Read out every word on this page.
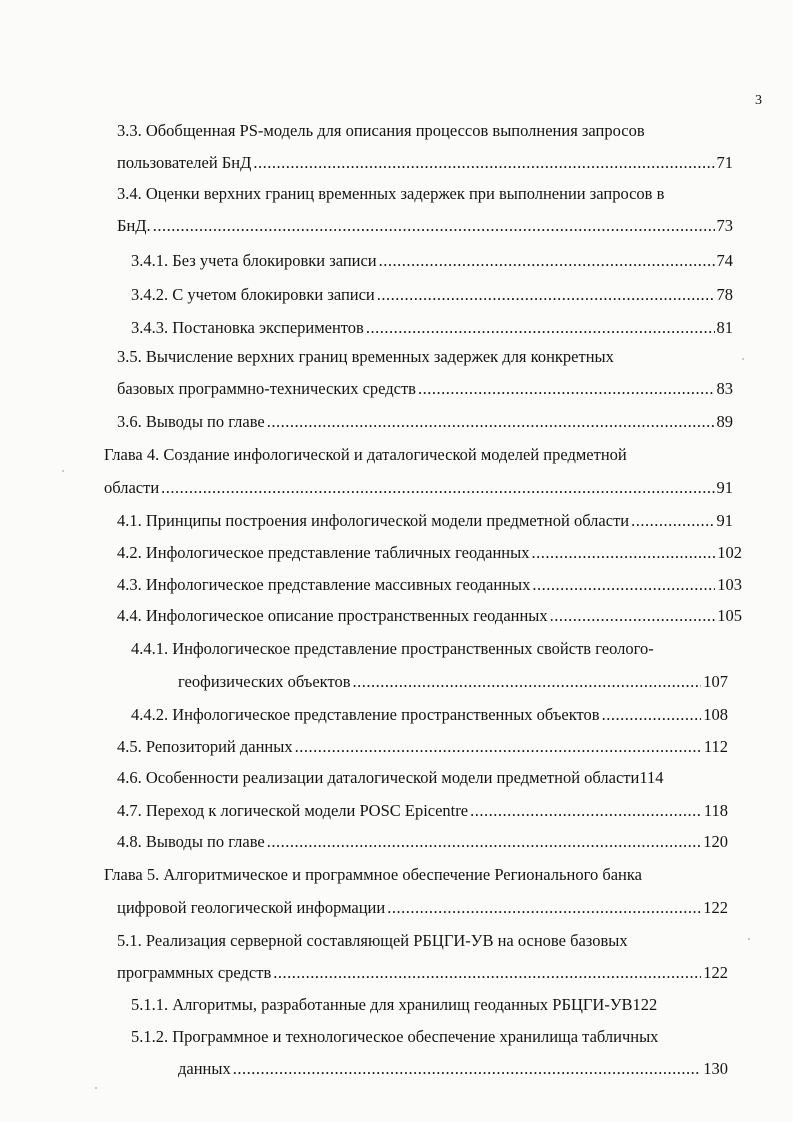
3
3.3. Обобщенная PS-модель для описания процессов выполнения запросов
пользователей БнД .....	71
3.4. Оценки верхних границ временных задержек при выполнении запросов в
БнД. .....	73
3.4.1. Без учета блокировки записи .....	74
3.4.2. С учетом блокировки записи .....	78
3.4.3. Постановка экспериментов .....	81
3.5. Вычисление верхних границ временных задержек для конкретных
базовых программно-технических средств .....	83
3.6. Выводы по главе .....	89
Глава 4. Создание инфологической и даталогической моделей предметной
области .....	91
4.1. Принципы построения инфологической модели предметной области .....	91
4.2. Инфологическое представление табличных геоданных .....	102
4.3. Инфологическое представление массивных геоданных .....	103
4.4. Инфологическое описание пространственных геоданных .....	105
4.4.1. Инфологическое представление пространственных свойств геолого-
геофизических объектов .....	107
4.4.2. Инфологическое представление пространственных объектов .....	108
4.5. Репозиторий данных .....	112
4.6. Особенности реализации даталогической модели предметной области 114
4.7. Переход к логической модели POSC Epicentre .....	118
4.8. Выводы по главе .....	120
Глава 5. Алгоритмическое и программное обеспечение Регионального банка
цифровой геологической информации .....	122
5.1. Реализация серверной составляющей РБЦГИ-УВ на основе базовых
программных средств .....	122
5.1.1. Алгоритмы, разработанные для хранилищ геоданных РБЦГИ-УВ 122
5.1.2. Программное и технологическое обеспечение хранилища табличных
данных .....	130
